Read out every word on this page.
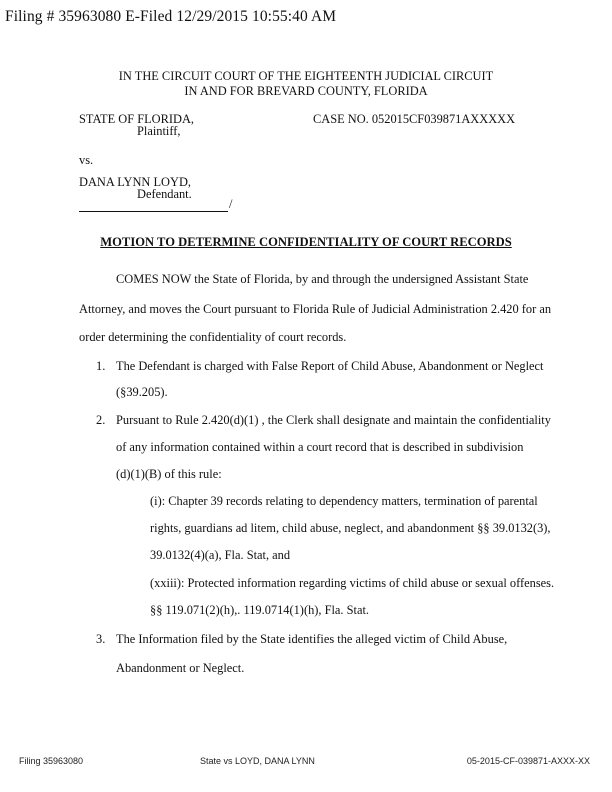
Filing # 35963080 E-Filed 12/29/2015 10:55:40 AM
IN THE CIRCUIT COURT OF THE EIGHTEENTH JUDICIAL CIRCUIT
IN AND FOR BREVARD COUNTY, FLORIDA
STATE OF FLORIDA,
Plaintiff,
CASE NO. 052015CF039871AXXXXX
vs.
DANA LYNN LOYD,
Defendant.
/
MOTION TO DETERMINE CONFIDENTIALITY OF COURT RECORDS
COMES NOW the State of Florida, by and through the undersigned Assistant State
Attorney, and moves the Court pursuant to Florida Rule of Judicial Administration 2.420 for an
order determining the confidentiality of court records.
1. The Defendant is charged with False Report of Child Abuse, Abandonment or Neglect
(§39.205).
2. Pursuant to Rule 2.420(d)(1) , the Clerk shall designate and maintain the confidentiality
of any information contained within a court record that is described in subdivision
(d)(1)(B) of this rule:
(i): Chapter 39 records relating to dependency matters, termination of parental
rights, guardians ad litem, child abuse, neglect, and abandonment §§ 39.0132(3),
39.0132(4)(a), Fla. Stat, and
(xxiii): Protected information regarding victims of child abuse or sexual offenses.
§§ 119.071(2)(h),. 119.0714(1)(h), Fla. Stat.
3. The Information filed by the State identifies the alleged victim of Child Abuse,
Abandonment or Neglect.
Filing 35963080	State vs LOYD, DANA LYNN	05-2015-CF-039871-AXXX-XX
